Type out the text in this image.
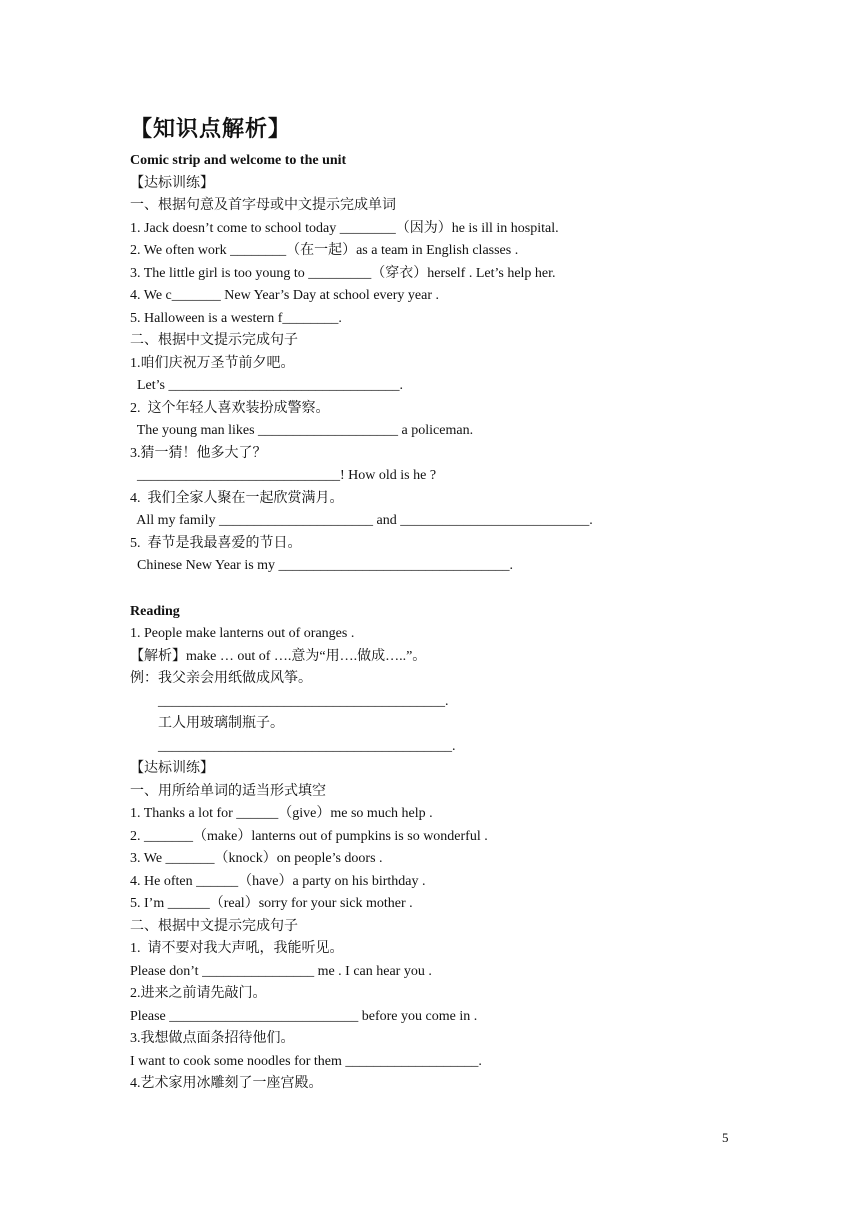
【知识点解析】
Comic strip and welcome to the unit
【达标训练】
一、根据句意及首字母或中文提示完成单词
1. Jack doesn’t come to school today ________（因为）he is ill in hospital.
2. We often work ________（在一起）as a team in English classes .
3. The little girl is too young to _________（穿衣）herself . Let’s help her.
4. We c_______ New Year’s Day at school every year .
5. Halloween is a western f________.
二、根据中文提示完成句子
1.咱们庆祝万圣节前夕吧。
Let’s _________________________________.
2.  这个年轻人喜欢装扮成警察。
The young man likes ____________________ a policeman.
3.猜一猜！他多大了？
_____________________________! How old is he ?
4.  我们全家人聚在一起欣赏满月。
All my family ______________________ and ___________________________.
5.  春节是我最喜爱的节日。
Chinese New Year is my _________________________________.
Reading
1. People make lanterns out of oranges .
【解析】make … out of ….意为“用….做成…..”。
例：我父亲会用纸做成风筝。
_________________________________________.
工人用玻璃制瓶子。
__________________________________________.
【达标训练】
一、用所给单词的适当形式填空
1. Thanks a lot for ______（give）me so much help .
2. _______（make）lanterns out of pumpkins is so wonderful .
3. We _______（knock）on people’s doors .
4. He often ______（have）a party on his birthday .
5. I’m ______（real）sorry for your sick mother .
二、根据中文提示完成句子
1.  请不要对我大声吼，我能听见。
Please don’t ________________ me . I can hear you .
2.进来之前请先敲门。
Please ___________________________ before you come in .
3.我想做点面条招待他们。
I want to cook some noodles for them ___________________.
4.艺术家用冰雕刻了一座宫殿。
5
